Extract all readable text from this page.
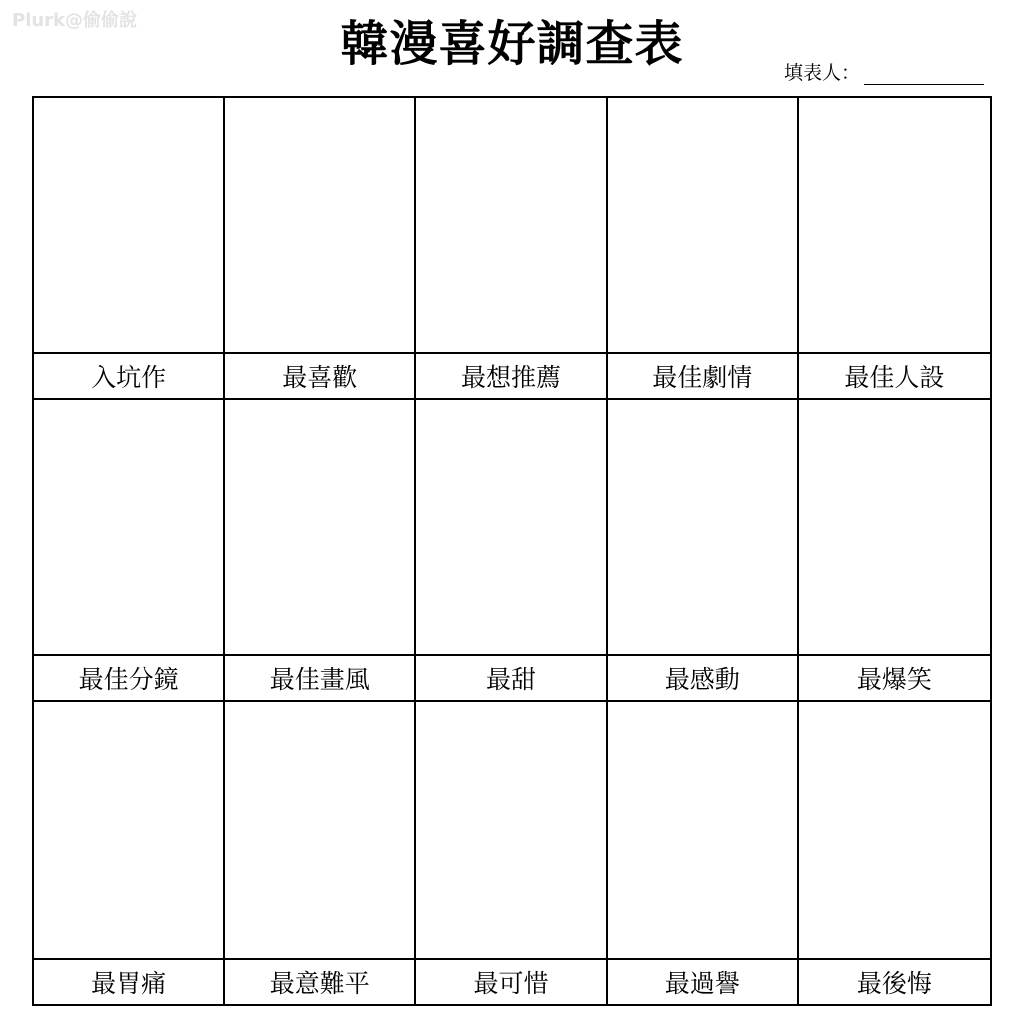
Plurk@偷偷說	韓漫喜好調查表
填表人：
入坑作	最喜歡	最想推薦	最佳劇情	最佳人設
最佳分鏡	最佳畫風	最甜	最感動	最爆笑
最胃痛	最意難平	最可惜	最過譽	最後悔
